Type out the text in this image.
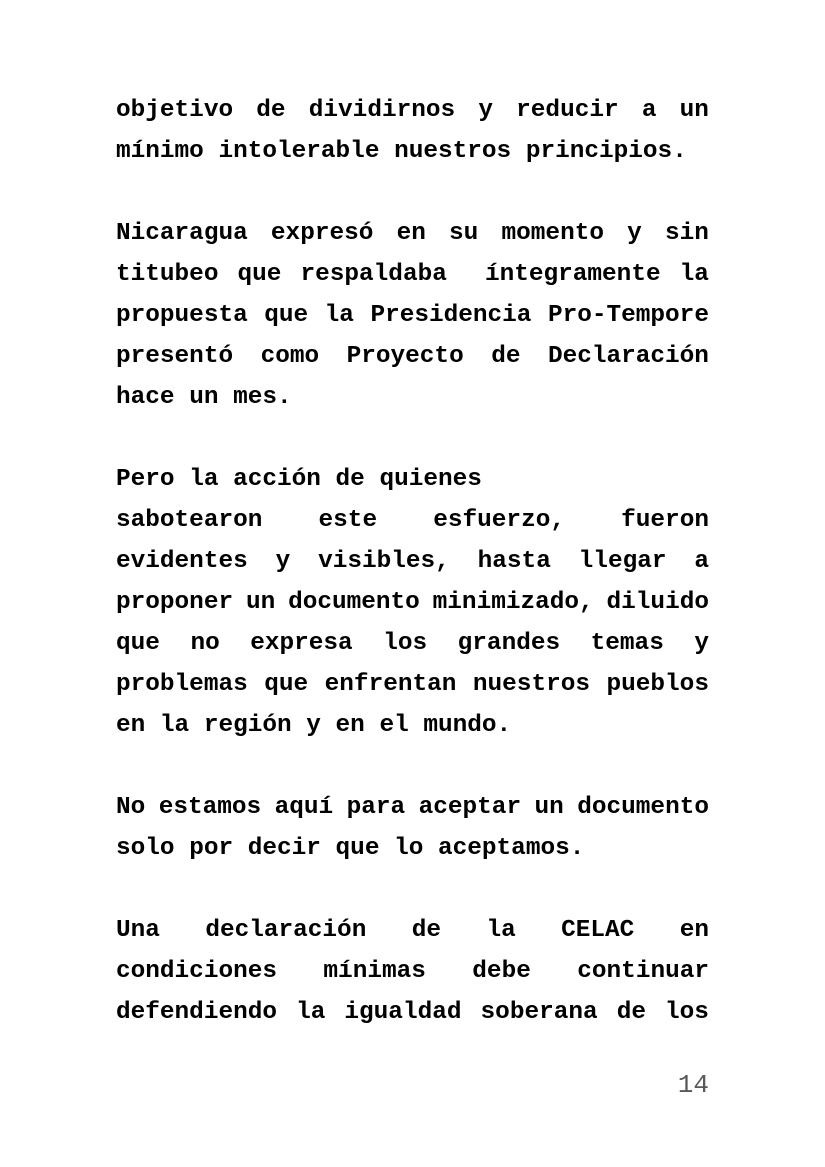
objetivo de dividirnos y reducir a un
mínimo intolerable nuestros principios.

Nicaragua expresó en su momento y sin
titubeo que respaldaba íntegramente la
propuesta que la Presidencia Pro-Tempore
presentó como Proyecto de Declaración
hace un mes.

Pero la acción de quienes
sabotearon este esfuerzo, fueron
evidentes y visibles, hasta llegar a
proponer un documento minimizado, diluido
que no expresa los grandes temas y
problemas que enfrentan nuestros pueblos
en la región y en el mundo.

No estamos aquí para aceptar un documento
solo por decir que lo aceptamos.

Una declaración de la CELAC en
condiciones mínimas debe continuar
defendiendo la igualdad soberana de los

14
